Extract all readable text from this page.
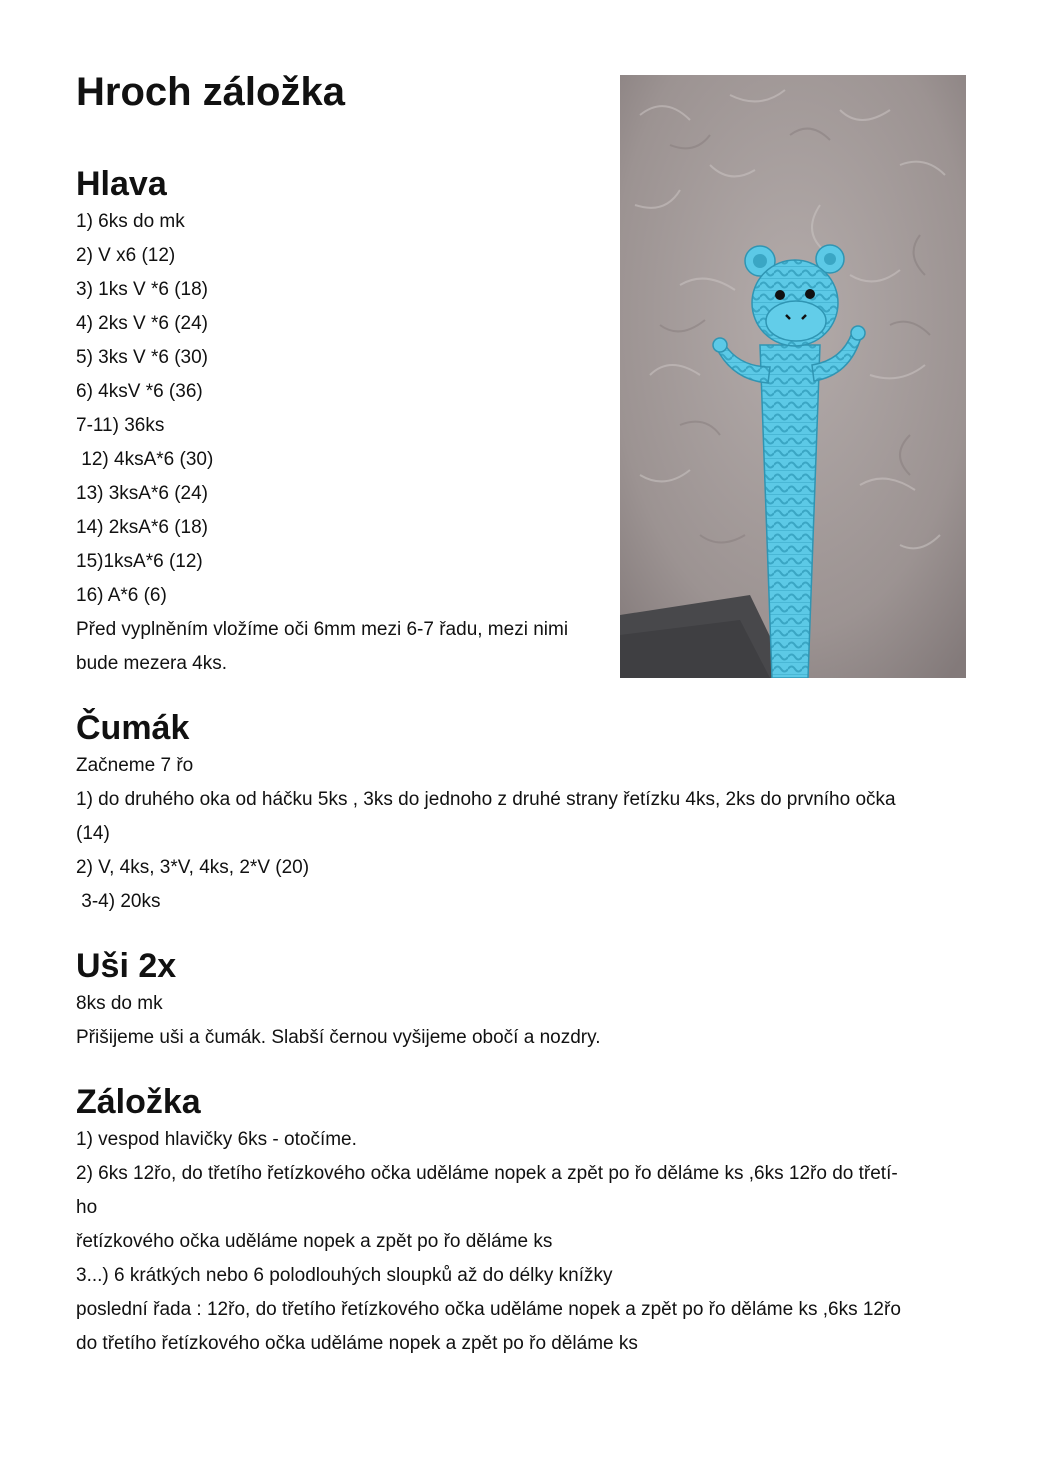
Hroch záložka
Hlava
1) 6ks do mk
2) V x6 (12)
3) 1ks V *6 (18)
4) 2ks V *6 (24)
5) 3ks V *6 (30)
6) 4ksV *6 (36)
7-11) 36ks
12) 4ksA*6 (30)
13) 3ksA*6 (24)
14) 2ksA*6 (18)
15)1ksA*6 (12)
16) A*6 (6)
Před vyplněním vložíme oči 6mm mezi 6-7 řadu, mezi nimi
bude mezera 4ks.
Čumák
Začneme 7 řo
1) do druhého oka od háčku 5ks , 3ks do jednoho z druhé strany řetízku 4ks, 2ks do prvního očka
(14)
2) V, 4ks, 3*V, 4ks, 2*V (20)
3-4) 20ks
Uši 2x
8ks do mk
Přišijeme uši a čumák. Slabší černou vyšijeme obočí a nozdry.
Záložka
1) vespod hlavičky 6ks - otočíme.
2) 6ks 12řo, do třetího řetízkového očka uděláme nopek a zpět po řo děláme ks ,6ks 12řo do třetí-
ho
řetízkového očka uděláme nopek a zpět po řo děláme ks
3...) 6 krátkých nebo 6 polodlouhých sloupků až do délky knížky
poslední řada : 12řo, do třetího řetízkového očka uděláme nopek a zpět po řo děláme ks ,6ks 12řo
do třetího řetízkového očka uděláme nopek a zpět po řo děláme ks
